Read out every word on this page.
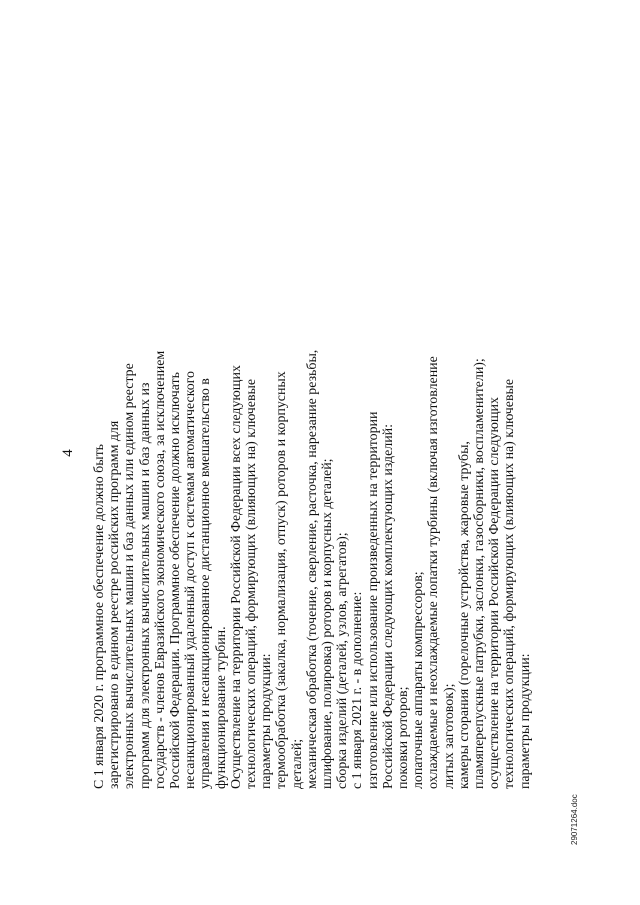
4 С 1 января 2020 г. программное обеспечение должно быть зарегистрировано в едином реестре российских программ для электронных вычислительных машин и баз данных или едином реестре программ для электронных вычислительных машин и баз данных из государств - членов Евразийского экономического союза, за исключением Российской Федерации. Программное обеспечение должно исключать несанкционированный удаленный доступ к системам автоматического управления и несанкционированное дистанционное вмешательство в функционирование турбин. Осуществление на территории Российской Федерации всех следующих технологических операций, формирующих (влияющих на) ключевые параметры продукции: термообработка (закалка, нормализация, отпуск) роторов и корпусных деталей; механическая обработка (точение, сверление, расточка, нарезание резьбы, шлифование, полировка) роторов и корпусных деталей; сборка изделий (деталей, узлов, агрегатов); с 1 января 2021 г. - в дополнение: изготовление или использование произведенных на территории Российской Федерации следующих комплектующих изделий: поковки роторов; лопаточные аппараты компрессоров; охлаждаемые и неохлаждаемые лопатки турбины (включая изготовление литых заготовок); камеры сгорания (горелочные устройства, жаровые трубы, пламяперепускные патрубки, заслонки, газосборники, воспламенители); осуществление на территории Российской Федерации следующих технологических операций, формирующих (влияющих на) ключевые параметры продукции:
29071264.doc
